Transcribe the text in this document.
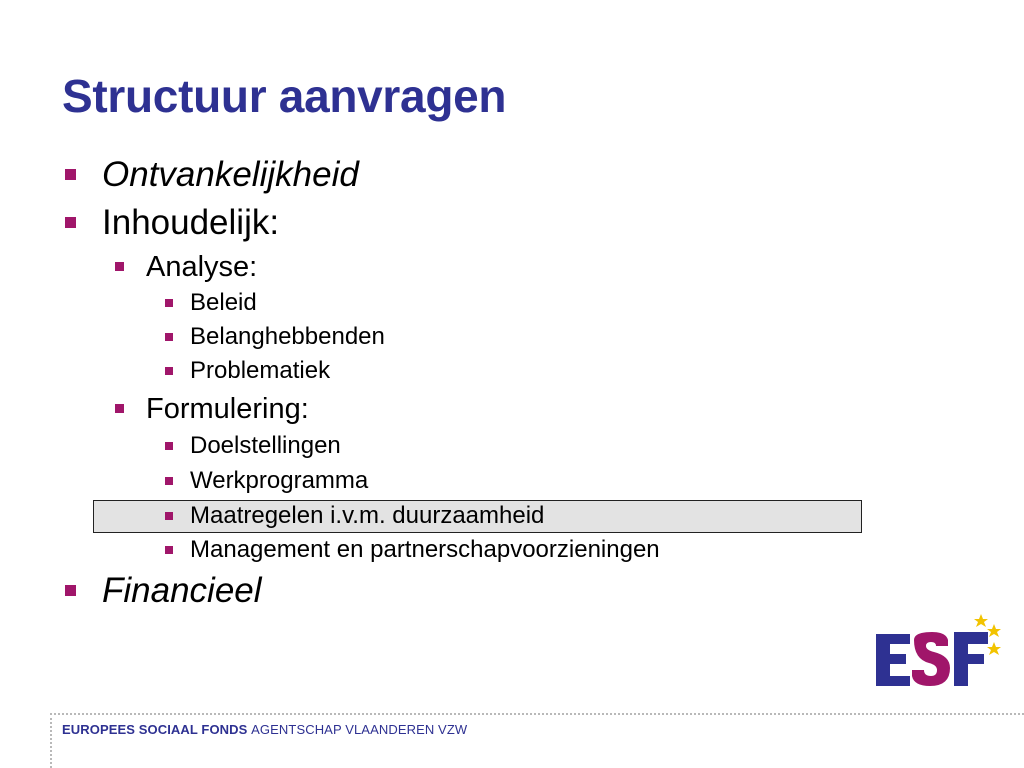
Structuur aanvragen
Ontvankelijkheid
Inhoudelijk:
Analyse:
Beleid
Belanghebbenden
Problematiek
Formulering:
Doelstellingen
Werkprogramma
Maatregelen i.v.m. duurzaamheid
Management en partnerschapvoorzieningen
Financieel
ESF
EUROPEES SOCIAAL FONDS AGENTSCHAP VLAANDEREN VZW
